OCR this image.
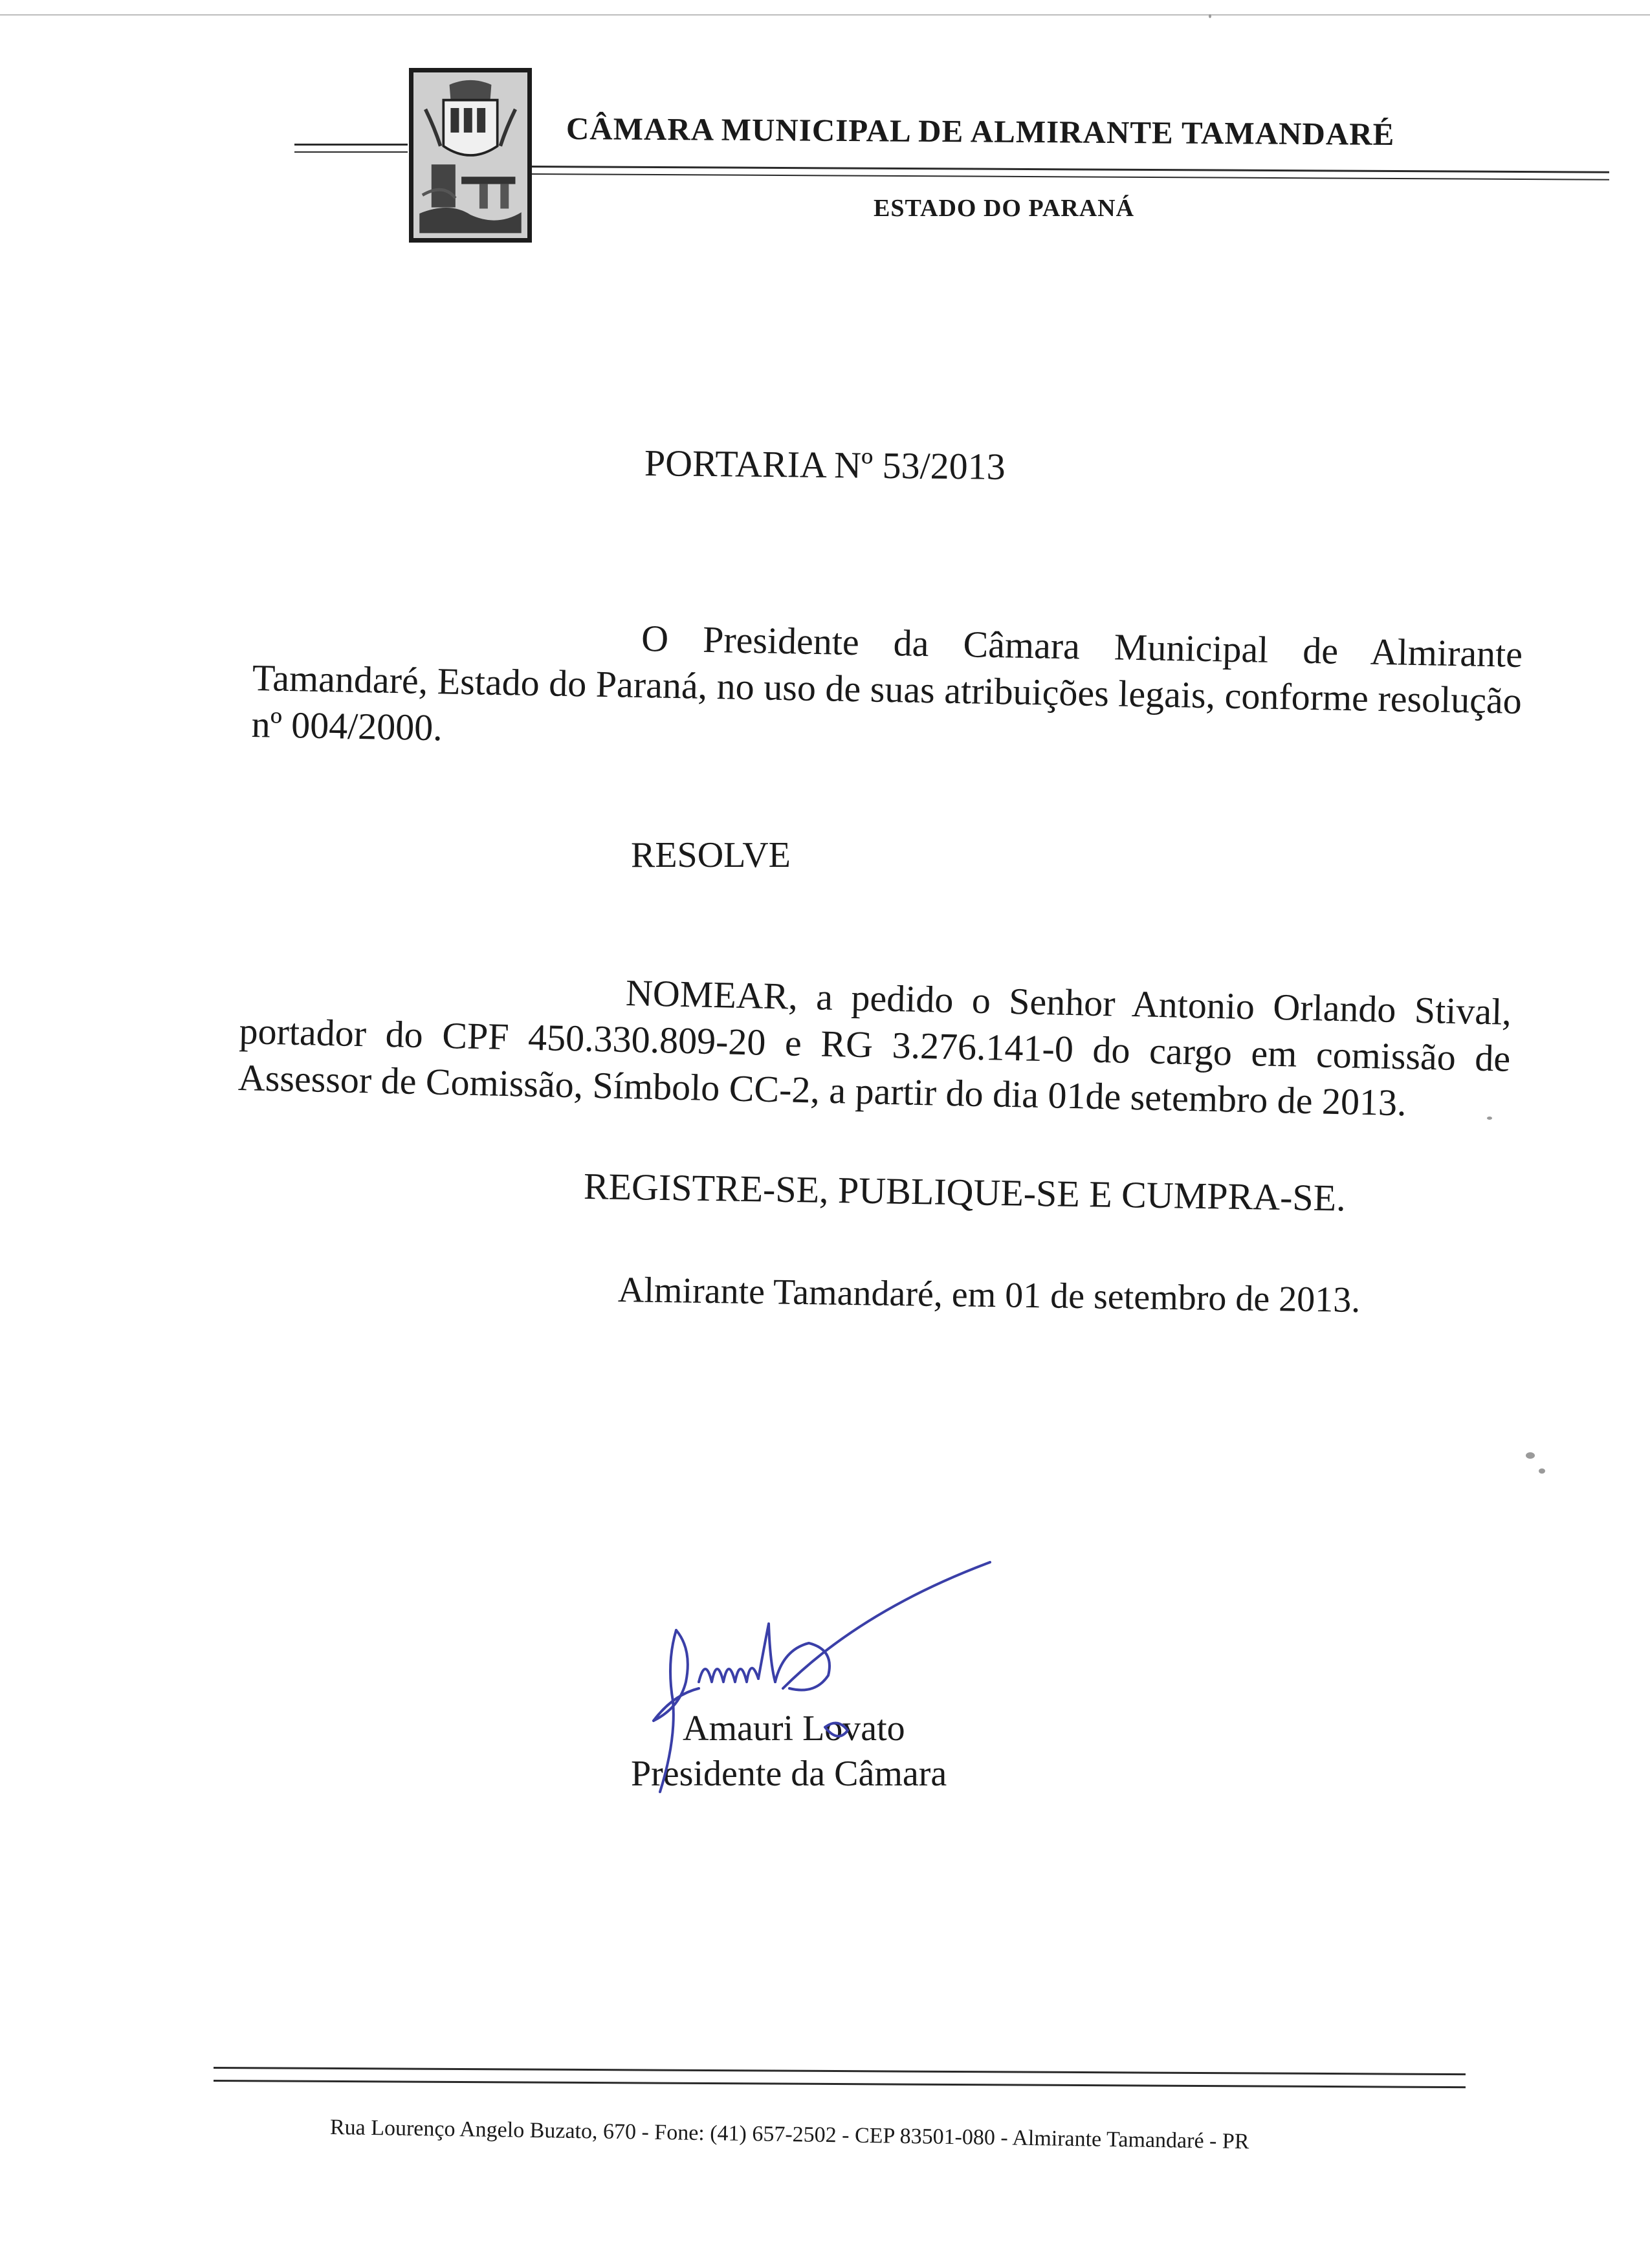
CÂMARA MUNICIPAL DE ALMIRANTE TAMANDARÉ
ESTADO DO PARANÁ
PORTARIA Nº 53/2013
O Presidente da Câmara Municipal de Almirante Tamandaré, Estado do Paraná, no uso de suas atribuições legais, conforme resolução nº 004/2000.
RESOLVE
NOMEAR, a pedido o Senhor Antonio Orlando Stival, portador do CPF 450.330.809-20 e RG 3.276.141-0 do cargo em comissão de Assessor de Comissão, Símbolo CC-2, a partir do dia 01de setembro de 2013.
REGISTRE-SE, PUBLIQUE-SE E CUMPRA-SE.
Almirante Tamandaré, em 01 de setembro de 2013.
Amauri Lovato
Presidente da Câmara
Rua Lourenço Angelo Buzato, 670 - Fone: (41) 657-2502 - CEP 83501-080 - Almirante Tamandaré - PR
